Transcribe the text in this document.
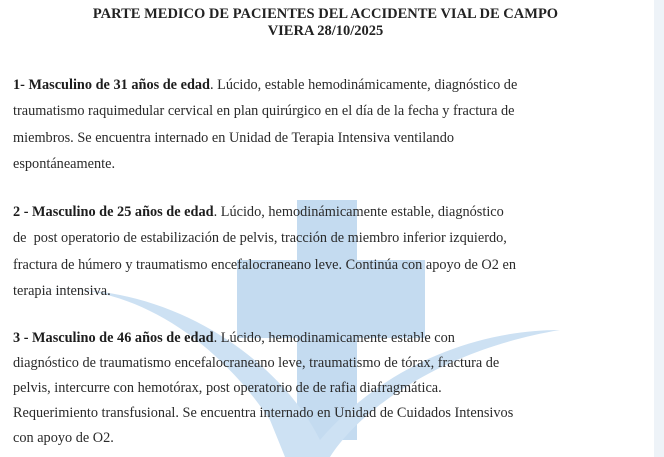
PARTE MEDICO DE PACIENTES DEL ACCIDENTE VIAL DE CAMPO
VIERA 28/10/2025
1- Masculino de 31 años de edad. Lúcido, estable hemodinámicamente, diagnóstico de
traumatismo raquimedular cervical en plan quirúrgico en el día de la fecha y fractura de
miembros. Se encuentra internado en Unidad de Terapia Intensiva ventilando
espontáneamente.
2 - Masculino de 25 años de edad. Lúcido, hemodinámicamente estable, diagnóstico
de  post operatorio de estabilización de pelvis, tracción de miembro inferior izquierdo,
fractura de húmero y traumatismo encefalocraneano leve. Continúa con apoyo de O2 en
terapia intensiva.
3 - Masculino de 46 años de edad. Lúcido, hemodinamicamente estable con
diagnóstico de traumatismo encefalocraneano leve, traumatismo de tórax, fractura de
pelvis, intercurre con hemotórax, post operatorio de de rafia diafragmática.
Requerimiento transfusional. Se encuentra internado en Unidad de Cuidados Intensivos
con apoyo de O2.
